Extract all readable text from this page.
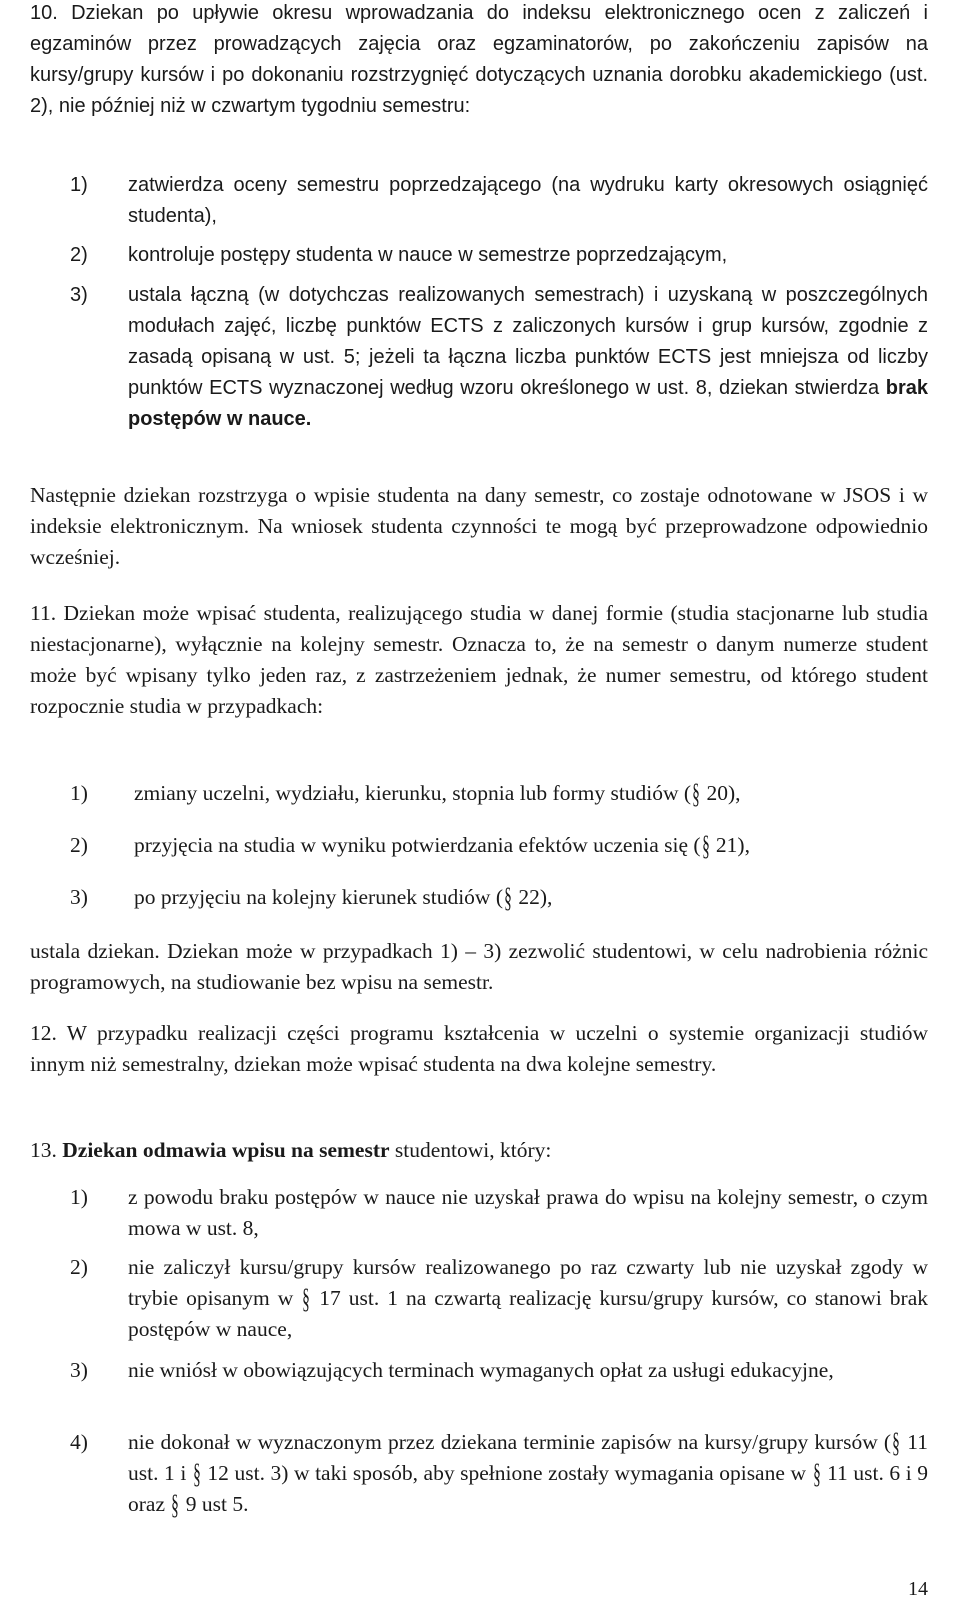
10. Dziekan po upływie okresu wprowadzania do indeksu elektronicznego ocen z zaliczeń i egzaminów przez prowadzących zajęcia oraz egzaminatorów, po zakończeniu zapisów na kursy/grupy kursów i po dokonaniu rozstrzygnięć dotyczących uznania dorobku akademickiego (ust. 2), nie później niż w czwartym tygodniu semestru:

1) zatwierdza oceny semestru poprzedzającego (na wydruku karty okresowych osiągnięć studenta),
2) kontroluje postępy studenta w nauce w semestrze poprzedzającym,
3) ustala łączną (w dotychczas realizowanych semestrach) i uzyskaną w poszczególnych modułach zajęć, liczbę punktów ECTS z zaliczonych kursów i grup kursów, zgodnie z zasadą opisaną w ust. 5; jeżeli ta łączna liczba punktów ECTS jest mniejsza od liczby punktów ECTS wyznaczonej według wzoru określonego w ust. 8, dziekan stwierdza brak postępów w nauce.

Następnie dziekan rozstrzyga o wpisie studenta na dany semestr, co zostaje odnotowane w JSOS i w indeksie elektronicznym. Na wniosek studenta czynności te mogą być przeprowadzone odpowiednio wcześniej.

11. Dziekan może wpisać studenta, realizującego studia w danej formie (studia stacjonarne lub studia niestacjonarne), wyłącznie na kolejny semestr. Oznacza to, że na semestr o danym numerze student może być wpisany tylko jeden raz, z zastrzeżeniem jednak, że numer semestru, od którego student rozpocznie studia w przypadkach:

1) zmiany uczelni, wydziału, kierunku, stopnia lub formy studiów (§ 20),
2) przyjęcia na studia w wyniku potwierdzania efektów uczenia się (§ 21),
3) po przyjęciu na kolejny kierunek studiów (§ 22),

ustala dziekan. Dziekan może w przypadkach 1) – 3) zezwolić studentowi, w celu nadrobienia różnic programowych, na studiowanie bez wpisu na semestr.

12. W przypadku realizacji części programu kształcenia w uczelni o systemie organizacji studiów innym niż semestralny, dziekan może wpisać studenta na dwa kolejne semestry.

13. Dziekan odmawia wpisu na semestr studentowi, który:

1) z powodu braku postępów w nauce nie uzyskał prawa do wpisu na kolejny semestr, o czym mowa w ust. 8,
2) nie zaliczył kursu/grupy kursów realizowanego po raz czwarty lub nie uzyskał zgody w trybie opisanym w § 17 ust. 1 na czwartą realizację kursu/grupy kursów, co stanowi brak postępów w nauce,
3) nie wniósł w obowiązujących terminach wymaganych opłat za usługi edukacyjne,
4) nie dokonał w wyznaczonym przez dziekana terminie zapisów na kursy/grupy kursów (§ 11 ust. 1 i § 12 ust. 3) w taki sposób, aby spełnione zostały wymagania opisane w § 11 ust. 6 i 9 oraz § 9 ust 5.
14
